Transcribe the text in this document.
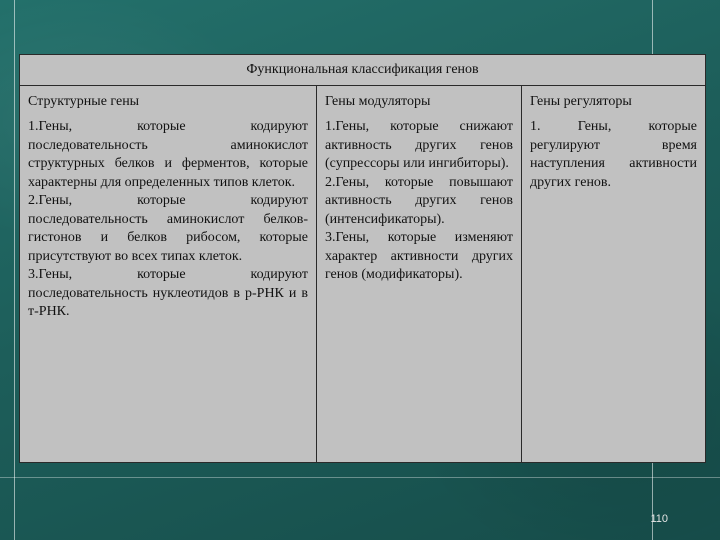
Функциональная классификация генов
Структурные гены
1.Гены, которые кодируют последовательность аминокислот структурных белков и ферментов, которые характерны для определенных типов клеток.
2.Гены, которые кодируют последовательность аминокислот белков-гистонов и белков рибосом, которые присутствуют во всех типах клеток.
3.Гены, которые кодируют последовательность нуклеотидов в р-РНК и в т-РНК.
Гены модуляторы
1.Гены, которые снижают активность других генов (супрессоры или ингибиторы).
2.Гены, которые повышают активность других генов (интенсификаторы).
3.Гены, которые изменяют характер активности других генов (модификаторы).
Гены регуляторы
1. Гены, которые регулируют время наступления активности других генов.
110
